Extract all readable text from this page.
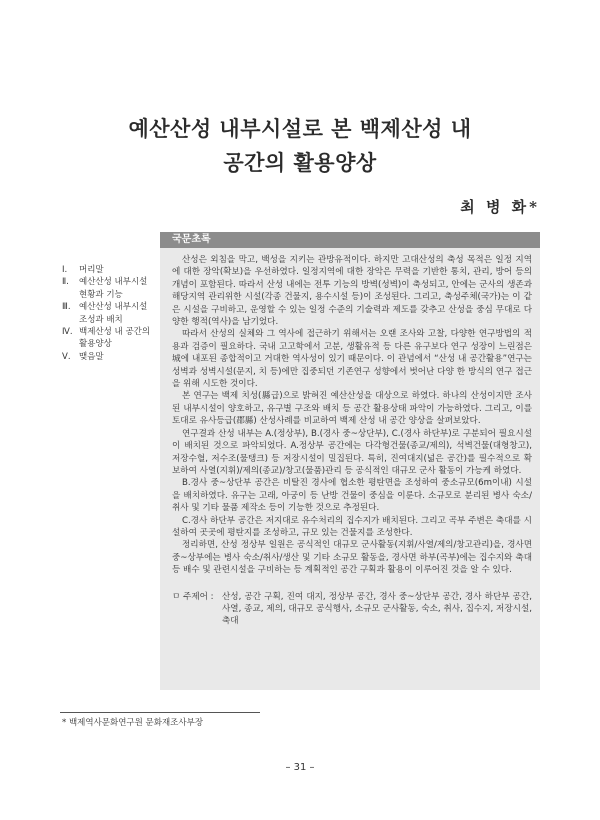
예산산성 내부시설로 본 백제산성 내
공간의 활용양상
최 병 화*
Ⅰ.	머리말
Ⅱ.	예산산성 내부시설 현황과 기능
Ⅲ. 예산산성 내부시설 조성과 배치
Ⅳ. 백제산성 내 공간의 활용양상
Ⅴ. 맺음말
국문초록

산성은 외침을 막고, 백성을 지키는 관방유적이다. 하지만 고대산성의 축성 목적은 일정 지역에 대한 장악(확보)을 우선하였다. 일정지역에 대한 장악은 무력을 기반한 통치, 관리, 방어 등의 개념이 포함된다. 따라서 산성 내에는 전투 기능의 방벽(성벽)이 축성되고, 안에는 군사의 생존과 해당지역 관리위한 시설(각종 건물지, 용수시설 등)이 조성된다. 그리고, 축성주체(국가)는 이 같은 시설을 구비하고, 운영할 수 있는 일정 수준의 기술력과 제도를 갖추고 산성을 중심 무대로 다양한 행적(역사)을 남기었다.

따라서 산성의 실체와 그 역사에 접근하기 위해서는 오랜 조사와 고찰, 다양한 연구방법의 적용과 검증이 필요하다. 국내 고고학에서 고분, 생활유적 등 다른 유구보다 연구 성장이 느린점은 城에 내포된 종합적이고 거대한 역사성이 있기 때문이다. 이 관념에서 “산성 내 공간활용”연구는 성벽과 성벽시설(문지, 치 등)에만 집중되던 기존연구 성향에서 벗어난 다양 한 방식의 연구 접근을 위해 시도한 것이다.

본 연구는 백제 치성(縣급)으로 밝혀진 예산산성을 대상으로 하였다. 하나의 산성이지만 조사된 내부시설이 양호하고, 유구별 구조와 배치 등 공간 활용상태 파악이 가능하였다. 그리고, 이를 토대로 유사등급(郡縣) 산성사례를 비교하여 백제 산성 내 공간 양상을 살펴보았다.

연구결과 산성 내부는 A.(정상부), B.(경사 중~상단부), C.(경사 하단부)로 구분되어 필요시설이 배치된 것으로 파악되었다. A.정상부 공간에는 다각형건물(종교/제의), 석벽건물(대형창고), 저장수혈, 저수조(물탱크) 등 저장시설이 밀집된다. 특히, 진여대지(넓은 공간)를 필수적으로 확보하여 사열(지휘)/제의(종교)/창고(물품)관리 등 공식적인 대규모 군사 활동이 가능케 하였다.

B.경사 중~상단부 공간은 비탈진 경사에 협소한 평탄면을 조성하여 중소규모(6m이내) 시설을 배치하였다. 유구는 고래, 아궁이 등 난방 건물이 중심을 이룬다. 소규모로 분리된 병사 숙소/취사 및 기타 물품 제작소 등이 기능한 것으로 추정된다.

C.경사 하단부 공간은 저지대로 유수처리의 집수지가 배치된다. 그리고 곡부 주변은 축대를 시설하여 곳곳에 평탄지를 조성하고, 규모 있는 건물지를 조성한다.

정리하면, 산성 정상부 일원은 공식적인 대규모 군사활동(지휘/사열/제의/창고관리)을, 경사면 중~상부에는 병사 숙소/취사/생산 및 기타 소규모 활동을, 경사면 하부(곡부)에는 집수지와 축대 등 배수 및 관련시설을 구비하는 등 계획적인 공간 구획과 활용이 이루어진 것을 알 수 있다.

ㅁ 주제어 : 산성, 공간 구획, 진여 대지, 정상부 공간, 경사 중~상단부 공간, 경사 하단부 공간, 사열, 종교, 제의, 대규모 공식행사, 소규모 군사활동, 숙소, 취사, 집수지, 저장시설, 축대
* 백제역사문화연구원 문화재조사부장
– 31 –
